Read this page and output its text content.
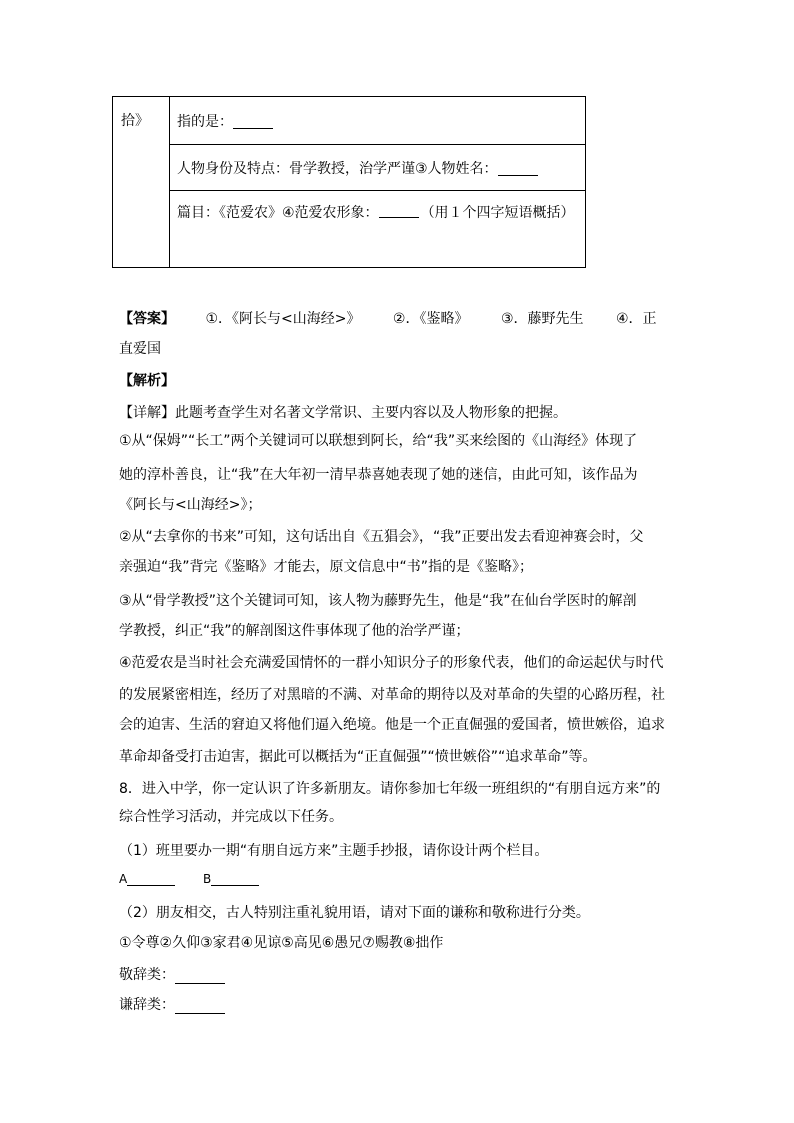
拾》	指的是：
人物身份及特点：骨学教授，治学严谨③人物姓名：
篇目：《范爱农》④范爱农形象：	（用１个四字短语概括）
【答案】 ①．《阿长与<山海经>》 ②．《鉴略》 ③．藤野先生 ④．正
直爱国
【解析】
【详解】此题考查学生对名著文学常识、主要内容以及人物形象的把握。
①从“保姆”“长工”两个关键词可以联想到阿长，给“我”买来绘图的《山海经》体现了
她的淳朴善良，让“我”在大年初一清早恭喜她表现了她的迷信，由此可知，该作品为
《阿长与<山海经>》；
②从“去拿你的书来”可知，这句话出自《五猖会》，“我”正要出发去看迎神赛会时，父
亲强迫“我”背完《鉴略》才能去，原文信息中“书”指的是《鉴略》；
③从“骨学教授”这个关键词可知，该人物为藤野先生，他是“我”在仙台学医时的解剖
学教授，纠正“我”的解剖图这件事体现了他的治学严谨；
④范爱农是当时社会充满爱国情怀的一群小知识分子的形象代表，他们的命运起伏与时代
的发展紧密相连，经历了对黑暗的不满、对革命的期待以及对革命的失望的心路历程，社
会的迫害、生活的窘迫又将他们逼入绝境。他是一个正直倔强的爱国者，愤世嫉俗，追求
革命却备受打击迫害，据此可以概括为“正直倔强”“愤世嫉俗”“追求革命”等。
8．进入中学，你一定认识了许多新朋友。请你参加七年级一班组织的“有朋自远方来”的
综合性学习活动，并完成以下任务。
（1）班里要办一期“有朋自远方来”主题手抄报，请你设计两个栏目。
A	B
（2）朋友相交，古人特别注重礼貌用语，请对下面的谦称和敬称进行分类。
①令尊②久仰③家君④见谅⑤高见⑥愚兄⑦赐教⑧拙作
敬辞类：
谦辞类：
